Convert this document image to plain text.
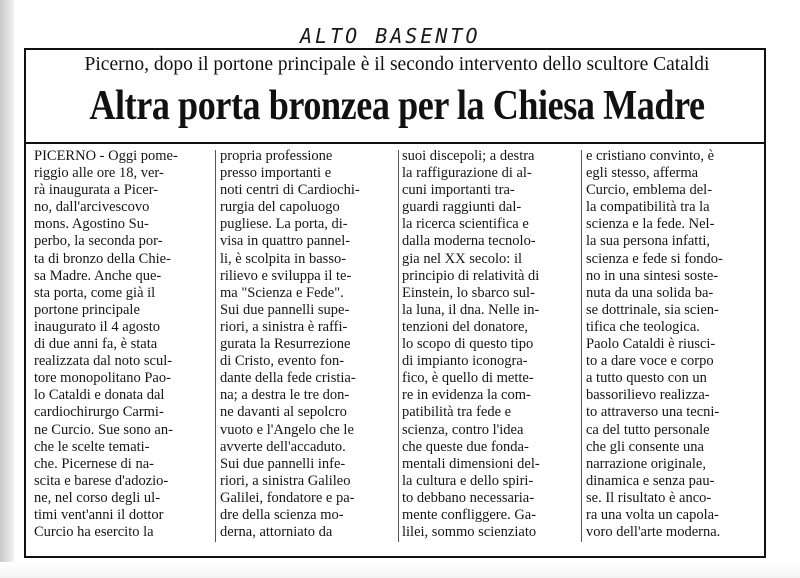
ALTO BASENTO
Picerno, dopo il portone principale è il secondo intervento dello scultore Cataldi
Altra porta bronzea per la Chiesa Madre

PICERNO - Oggi pome-

riggio alle ore 18, ver-

rà inaugurata a Picer-

no, dall'arcivescovo

mons. Agostino Su-

perbo, la seconda por-

ta di bronzo della Chie-

sa Madre. Anche que-

sta porta, come già il

portone principale

inaugurato il 4 agosto

di due anni fa, è stata

realizzata dal noto scul-

tore monopolitano Pao-

lo Cataldi e donata dal

cardiochirurgo Carmi-

ne Curcio. Sue sono an-

che le scelte temati-

che. Picernese di na-

scita e barese d'adozio-

ne, nel corso degli ul-

timi vent'anni il dottor

Curcio ha esercito la

propria professione

presso importanti e

noti centri di Cardiochi-

rurgia del capoluogo

pugliese. La porta, di-

visa in quattro pannel-

li, è scolpita in basso-

rilievo e sviluppa il te-

ma "Scienza e Fede".

Sui due pannelli supe-

riori, a sinistra è raffi-

gurata la Resurrezione

di Cristo, evento fon-

dante della fede cristia-

na; a destra le tre don-

ne davanti al sepolcro

vuoto e l'Angelo che le

avverte dell'accaduto.

Sui due pannelli infe-

riori, a sinistra Galileo

Galilei, fondatore e pa-

dre della scienza mo-

derna, attorniato da

suoi discepoli; a destra

la raffigurazione di al-

cuni importanti tra-

guardi raggiunti dal-

la ricerca scientifica e

dalla moderna tecnolo-

gia nel XX secolo: il

principio di relatività di

Einstein, lo sbarco sul-

la luna, il dna. Nelle in-

tenzioni del donatore,

lo scopo di questo tipo

di impianto iconogra-

fico, è quello di mette-

re in evidenza la com-

patibilità tra fede e

scienza, contro l'idea

che queste due fonda-

mentali dimensioni del-

la cultura e dello spiri-

to debbano necessaria-

mente confliggere. Ga-

lilei, sommo scienziato

e cristiano convinto, è

egli stesso, afferma

Curcio, emblema del-

la compatibilità tra la

scienza e la fede. Nel-

la sua persona infatti,

scienza e fede si fondo-

no in una sintesi soste-

nuta da una solida ba-

se dottrinale, sia scien-

tifica che teologica.

Paolo Cataldi è riusci-

to a dare voce e corpo

a tutto questo con un

bassorilievo realizza-

to attraverso una tecni-

ca del tutto personale

che gli consente una

narrazione originale,

dinamica e senza pau-

se. Il risultato è anco-

ra una volta un capola-

voro dell'arte moderna.
